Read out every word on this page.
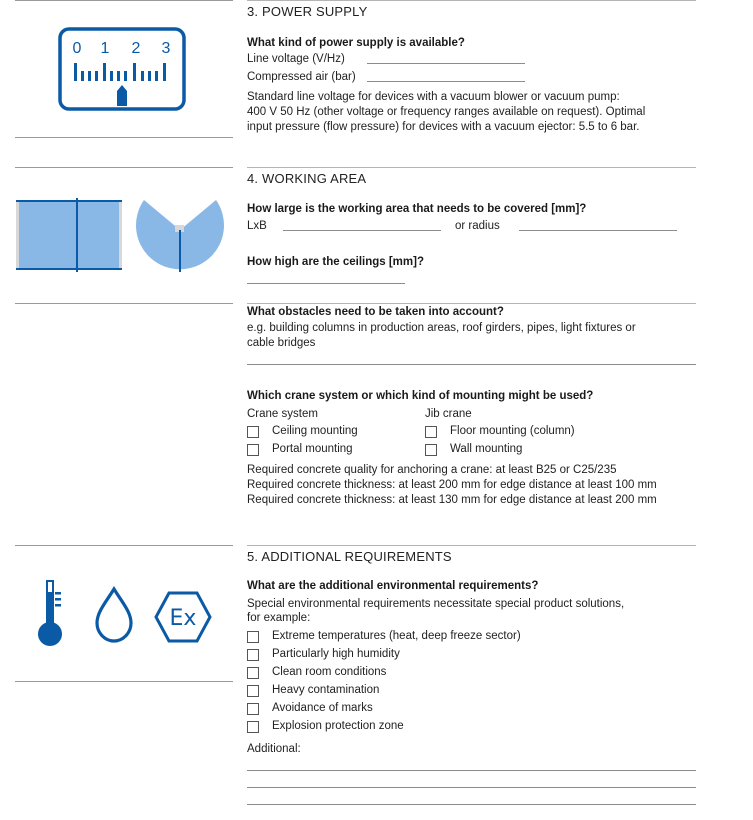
0 1 2 3
Ex
3. POWER SUPPLY
What kind of power supply is available?
Line voltage (V/Hz)
Compressed air (bar)
Standard line voltage for devices with a vacuum blower or vacuum pump:
400 V 50 Hz (other voltage or frequency ranges available on request). Optimal
input pressure (flow pressure) for devices with a vacuum ejector: 5.5 to 6 bar.
4. WORKING AREA
How large is the working area that needs to be covered [mm]?
LxB	or radius
How high are the ceilings [mm]?
What obstacles need to be taken into account?
e.g. building columns in production areas, roof girders, pipes, light fixtures or
cable bridges
Which crane system or which kind of mounting might be used?
Crane system	Jib crane
Ceiling mounting	Floor mounting (column)
Portal mounting	Wall mounting
Required concrete quality for anchoring a crane: at least B25 or C25/235
Required concrete thickness: at least 200 mm for edge distance at least 100 mm
Required concrete thickness: at least 130 mm for edge distance at least 200 mm
5. ADDITIONAL REQUIREMENTS
What are the additional environmental requirements?
Special environmental requirements necessitate special product solutions,
for example:
Extreme temperatures (heat, deep freeze sector)
Particularly high humidity
Clean room conditions
Heavy contamination
Avoidance of marks
Explosion protection zone
Additional:
